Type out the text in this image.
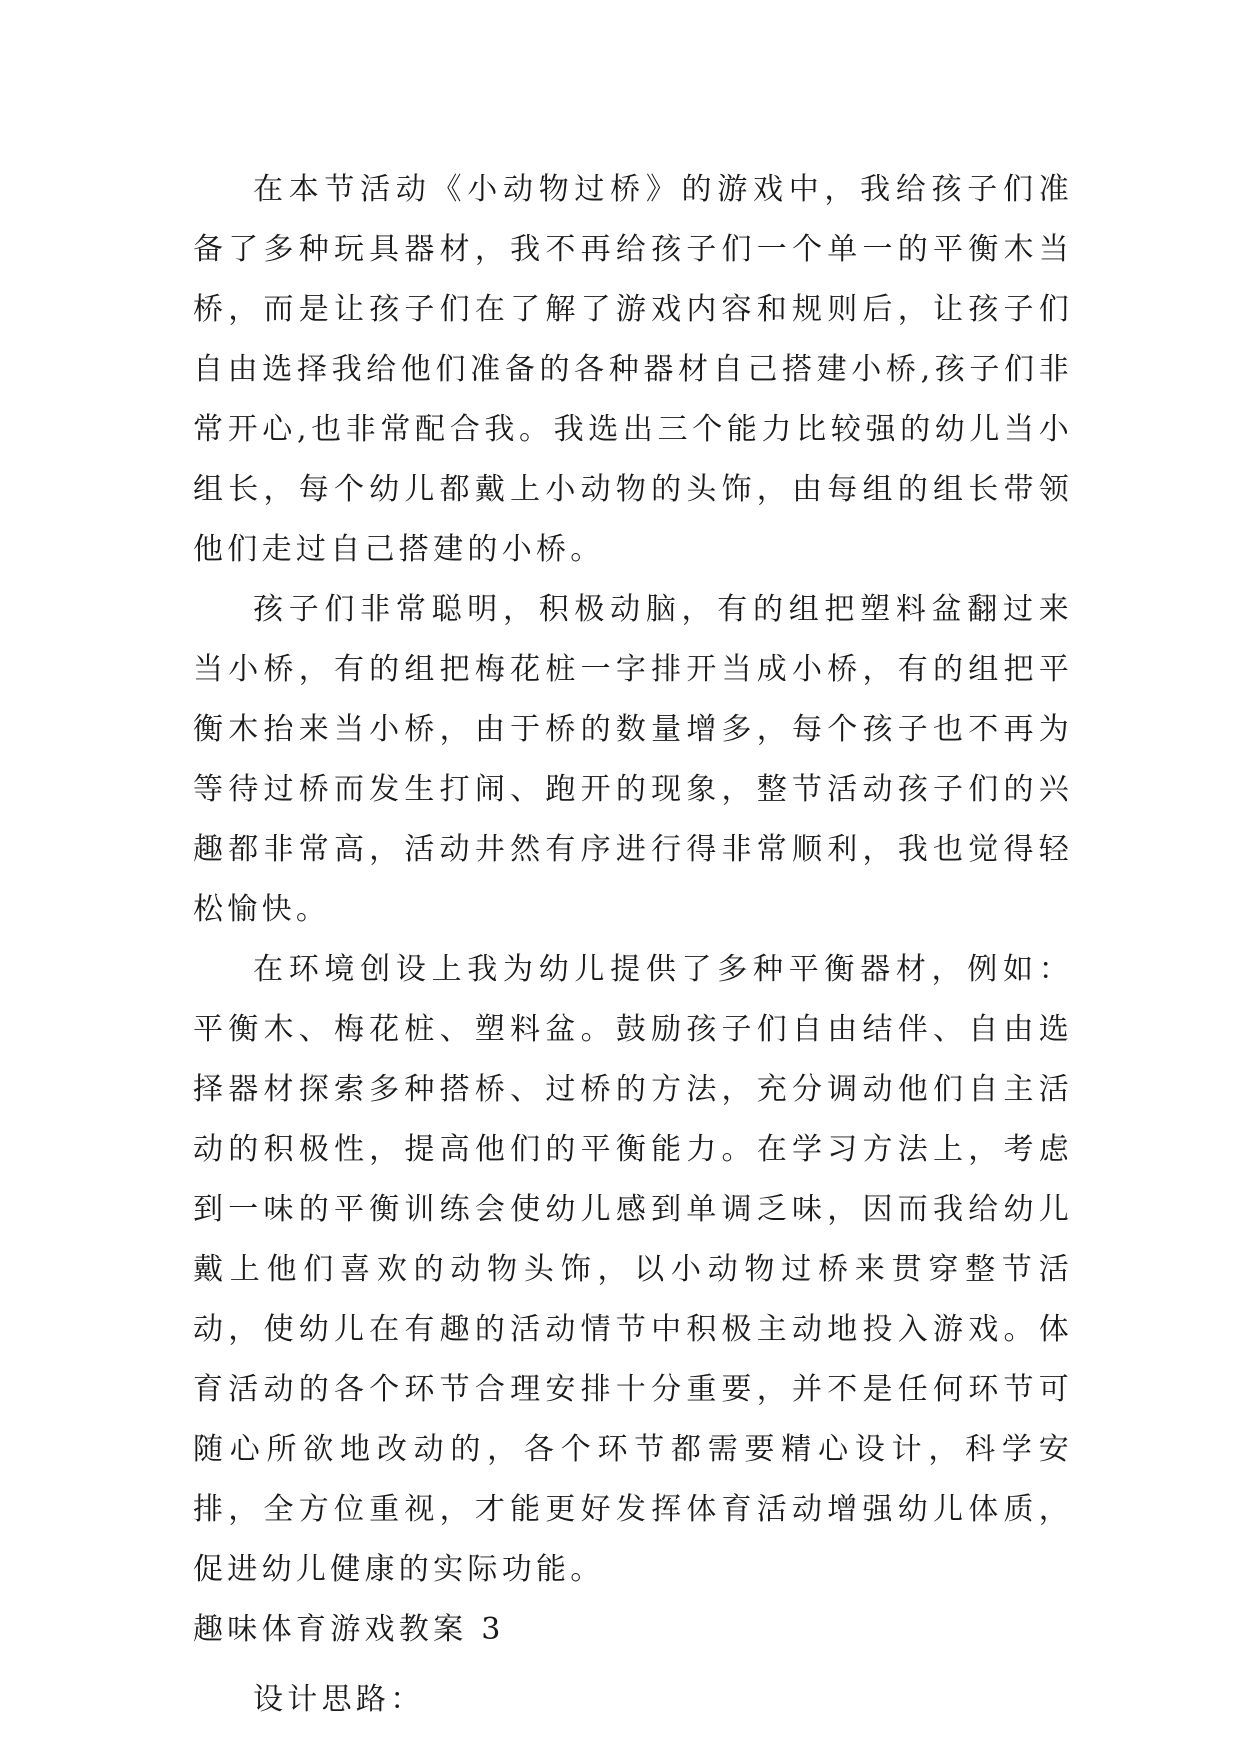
在本节活动《小动物过桥》的游戏中，我给孩子们准备了多种玩具器材，我不再给孩子们一个单一的平衡木当桥，而是让孩子们在了解了游戏内容和规则后，让孩子们自由选择我给他们准备的各种器材自己搭建小桥,孩子们非常开心,也非常配合我。我选出三个能力比较强的幼儿当小组长，每个幼儿都戴上小动物的头饰，由每组的组长带领他们走过自己搭建的小桥。

孩子们非常聪明，积极动脑，有的组把塑料盆翻过来当小桥，有的组把梅花桩一字排开当成小桥，有的组把平衡木抬来当小桥，由于桥的数量增多，每个孩子也不再为等待过桥而发生打闹、跑开的现象，整节活动孩子们的兴趣都非常高，活动井然有序进行得非常顺利，我也觉得轻松愉快。

在环境创设上我为幼儿提供了多种平衡器材，例如：平衡木、梅花桩、塑料盆。鼓励孩子们自由结伴、自由选择器材探索多种搭桥、过桥的方法，充分调动他们自主活动的积极性，提高他们的平衡能力。在学习方法上，考虑到一味的平衡训练会使幼儿感到单调乏味，因而我给幼儿戴上他们喜欢的动物头饰，以小动物过桥来贯穿整节活动，使幼儿在有趣的活动情节中积极主动地投入游戏。体育活动的各个环节合理安排十分重要，并不是任何环节可随心所欲地改动的，各个环节都需要精心设计，科学安排，全方位重视，才能更好发挥体育活动增强幼儿体质，促进幼儿健康的实际功能。

趣味体育游戏教案 3

设计思路：
